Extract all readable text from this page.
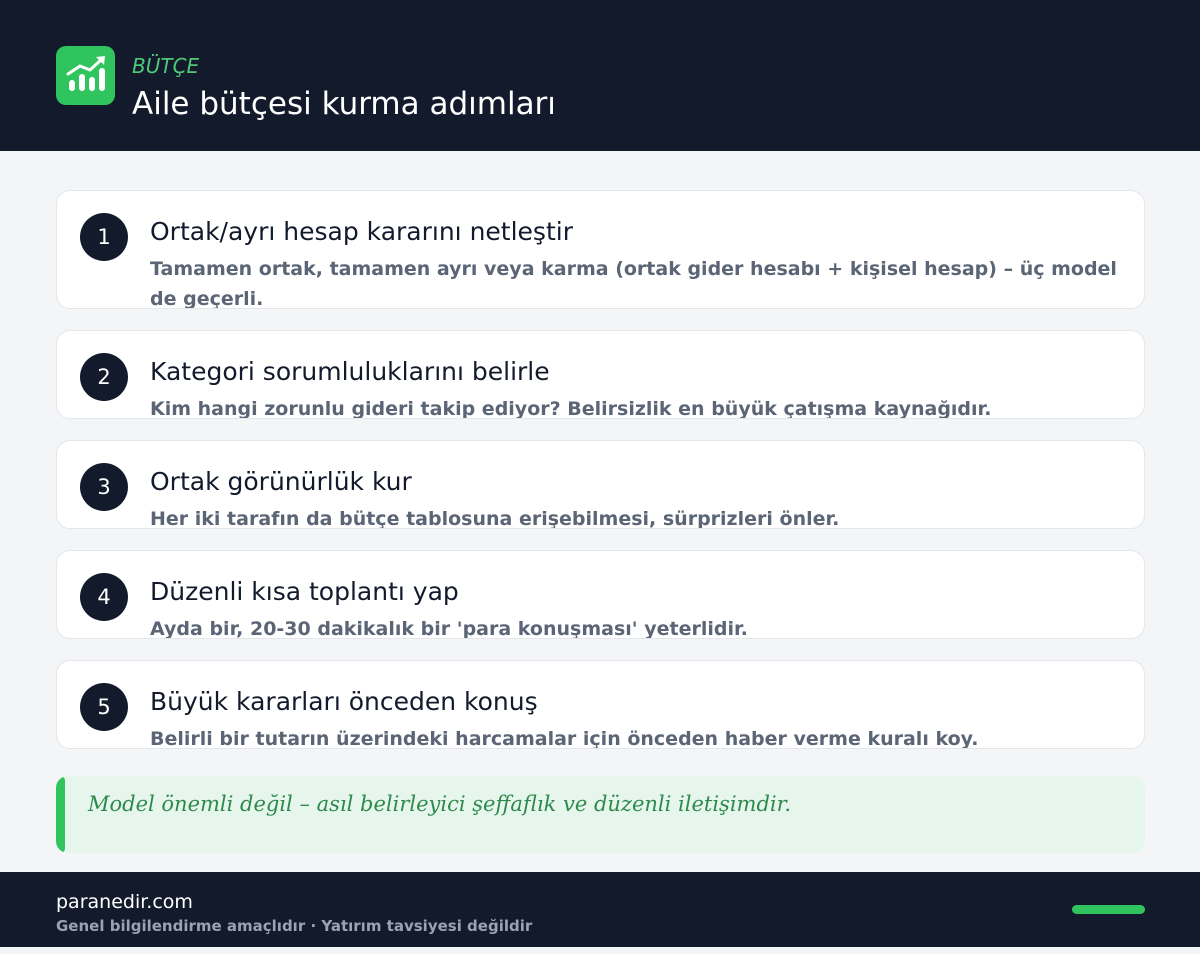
BÜTÇE
Aile bütçesi kurma adımları
1	Ortak/ayrı hesap kararını netleştir
Tamamen ortak, tamamen ayrı veya karma (ortak gider hesabı + kişisel hesap) – üç model de geçerli.
2	Kategori sorumluluklarını belirle
Kim hangi zorunlu gideri takip ediyor? Belirsizlik en büyük çatışma kaynağıdır.
3	Ortak görünürlük kur
Her iki tarafın da bütçe tablosuna erişebilmesi, sürprizleri önler.
4	Düzenli kısa toplantı yap
Ayda bir, 20-30 dakikalık bir 'para konuşması' yeterlidir.
5	Büyük kararları önceden konuş
Belirli bir tutarın üzerindeki harcamalar için önceden haber verme kuralı koy.
Model önemli değil – asıl belirleyici şeffaflık ve düzenli iletişimdir.
paranedir.com
Genel bilgilendirme amaçlıdır · Yatırım tavsiyesi değildir
